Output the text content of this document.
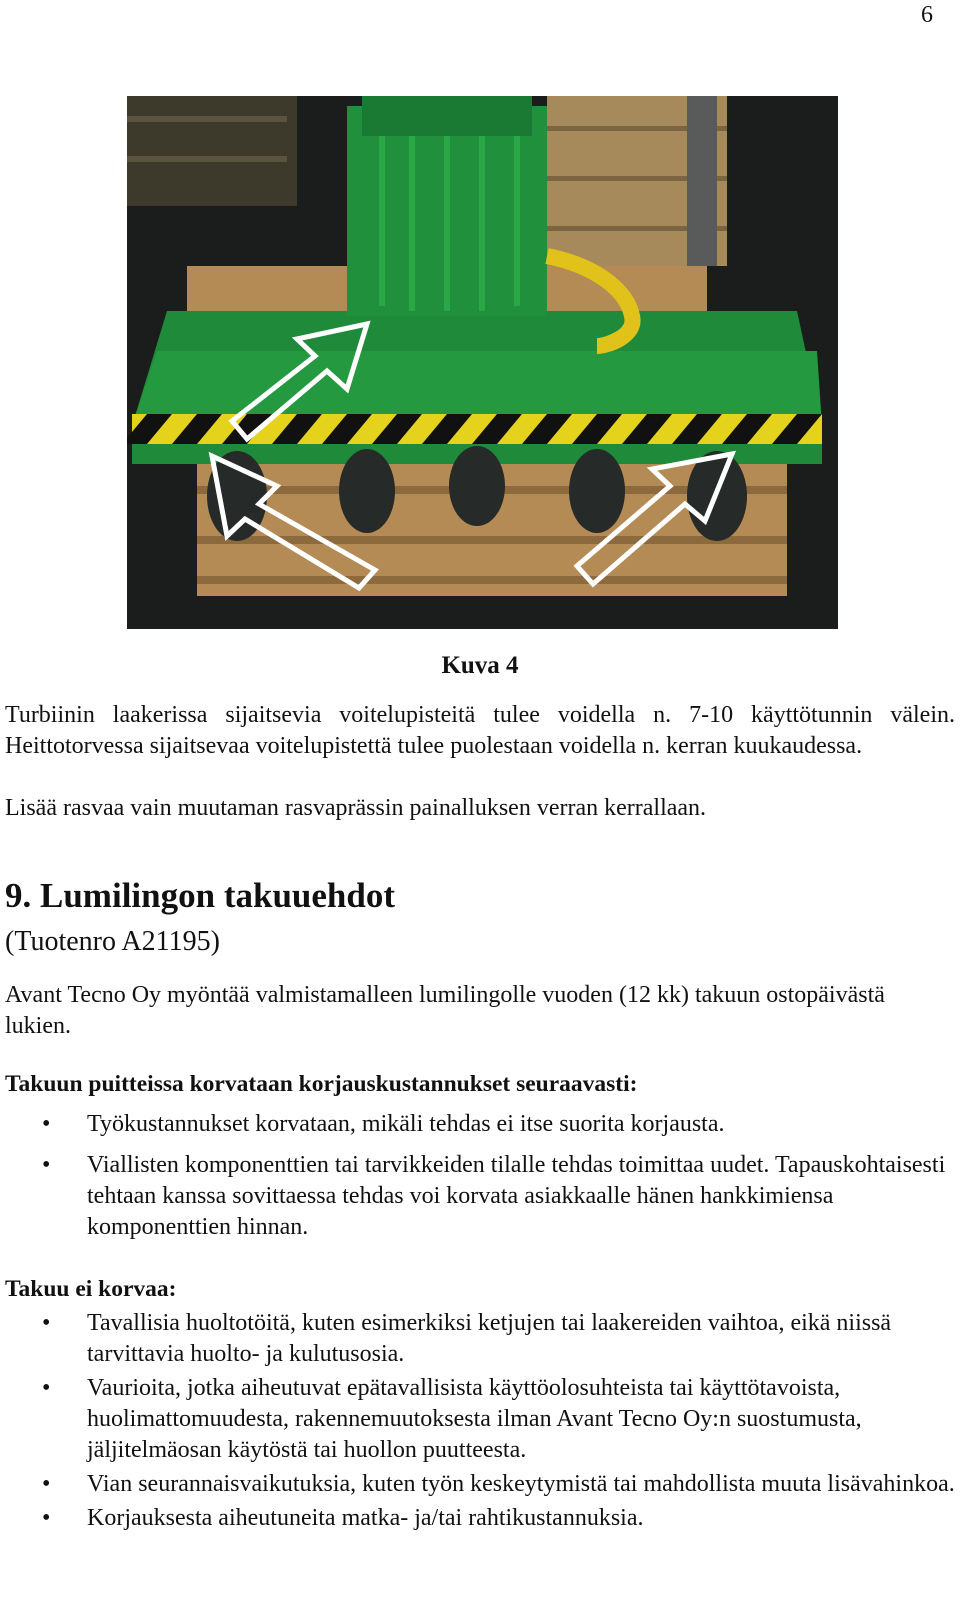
6
Kuva 4
Turbiinin laakerissa sijaitsevia voitelupisteitä tulee voidella n. 7-10 käyttötunnin välein. Heittotorvessa sijaitsevaa voitelupistettä tulee puolestaan voidella n. kerran kuukaudessa.
Lisää rasvaa vain muutaman rasvaprässin painalluksen verran kerrallaan.
9. Lumilingon takuuehdot
(Tuotenro A21195)
Avant Tecno Oy myöntää valmistamalleen lumilingolle vuoden (12 kk) takuun ostopäivästä lukien.
Takuun puitteissa korvataan korjauskustannukset seuraavasti:
• Työkustannukset korvataan, mikäli tehdas ei itse suorita korjausta.
• Viallisten komponenttien tai tarvikkeiden tilalle tehdas toimittaa uudet. Tapauskohtaisesti tehtaan kanssa sovittaessa tehdas voi korvata asiakkaalle hänen hankkimiensa komponenttien hinnan.
Takuu ei korvaa:
• Tavallisia huoltotöitä, kuten esimerkiksi ketjujen tai laakereiden vaihtoa, eikä niissä tarvittavia huolto- ja kulutusosia.
• Vaurioita, jotka aiheutuvat epätavallisista käyttöolosuhteista tai käyttötavoista, huolimattomuudesta, rakennemuutoksesta ilman Avant Tecno Oy:n suostumusta, jäljitelmäosan käytöstä tai huollon puutteesta.
• Vian seurannaisvaikutuksia, kuten työn keskeytymistä tai mahdollista muuta lisävahinkoa.
• Korjauksesta aiheutuneita matka- ja/tai rahtikustannuksia.
